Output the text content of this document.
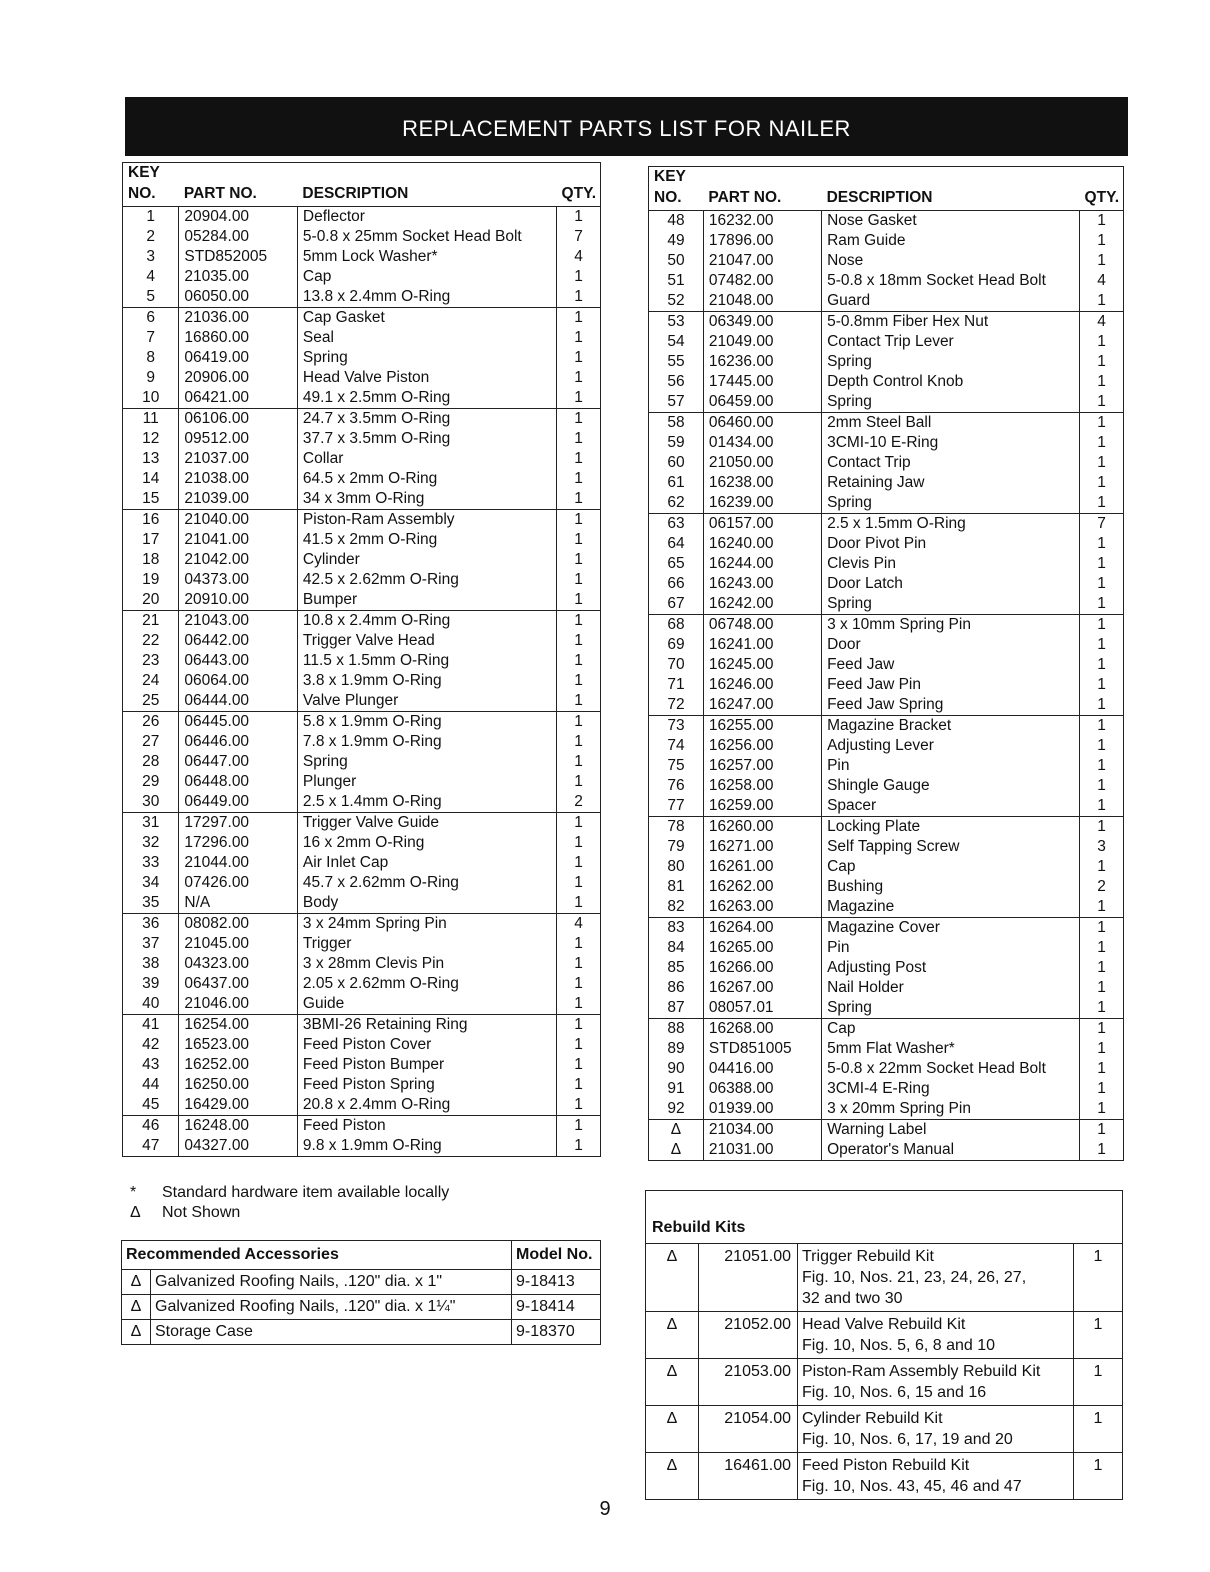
REPLACEMENT PARTS LIST FOR NAILER
KEY			
NO.	PART NO.	DESCRIPTION	QTY.
1	20904.00	Deflector	1
2	05284.00	5-0.8 x 25mm Socket Head Bolt	7
3	STD852005	5mm Lock Washer*	4
4	21035.00	Cap	1
5	06050.00	13.8 x 2.4mm O-Ring	1
6	21036.00	Cap Gasket	1
7	16860.00	Seal	1
8	06419.00	Spring	1
9	20906.00	Head Valve Piston	1
10	06421.00	49.1 x 2.5mm O-Ring	1
11	06106.00	24.7 x 3.5mm O-Ring	1
12	09512.00	37.7 x 3.5mm O-Ring	1
13	21037.00	Collar	1
14	21038.00	64.5 x 2mm O-Ring	1
15	21039.00	34 x 3mm O-Ring	1
16	21040.00	Piston-Ram Assembly	1
17	21041.00	41.5 x 2mm O-Ring	1
18	21042.00	Cylinder	1
19	04373.00	42.5 x 2.62mm O-Ring	1
20	20910.00	Bumper	1
21	21043.00	10.8 x 2.4mm O-Ring	1
22	06442.00	Trigger Valve Head	1
23	06443.00	11.5 x 1.5mm O-Ring	1
24	06064.00	3.8 x 1.9mm O-Ring	1
25	06444.00	Valve Plunger	1
26	06445.00	5.8 x 1.9mm O-Ring	1
27	06446.00	7.8 x 1.9mm O-Ring	1
28	06447.00	Spring	1
29	06448.00	Plunger	1
30	06449.00	2.5 x 1.4mm O-Ring	2
31	17297.00	Trigger Valve Guide	1
32	17296.00	16 x 2mm O-Ring	1
33	21044.00	Air Inlet Cap	1
34	07426.00	45.7 x 2.62mm O-Ring	1
35	N/A	Body	1
36	08082.00	3 x 24mm Spring Pin	4
37	21045.00	Trigger	1
38	04323.00	3 x 28mm Clevis Pin	1
39	06437.00	2.05 x 2.62mm O-Ring	1
40	21046.00	Guide	1
41	16254.00	3BMI-26 Retaining Ring	1
42	16523.00	Feed Piston Cover	1
43	16252.00	Feed Piston Bumper	1
44	16250.00	Feed Piston Spring	1
45	16429.00	20.8 x 2.4mm O-Ring	1
46	16248.00	Feed Piston	1
47	04327.00	9.8 x 1.9mm O-Ring	1
KEY			
NO.	PART NO.	DESCRIPTION	QTY.
48	16232.00	Nose Gasket	1
49	17896.00	Ram Guide	1
50	21047.00	Nose	1
51	07482.00	5-0.8 x 18mm Socket Head Bolt	4
52	21048.00	Guard	1
53	06349.00	5-0.8mm Fiber Hex Nut	4
54	21049.00	Contact Trip Lever	1
55	16236.00	Spring	1
56	17445.00	Depth Control Knob	1
57	06459.00	Spring	1
58	06460.00	2mm Steel Ball	1
59	01434.00	3CMI-10 E-Ring	1
60	21050.00	Contact Trip	1
61	16238.00	Retaining Jaw	1
62	16239.00	Spring	1
63	06157.00	2.5 x 1.5mm O-Ring	7
64	16240.00	Door Pivot Pin	1
65	16244.00	Clevis Pin	1
66	16243.00	Door Latch	1
67	16242.00	Spring	1
68	06748.00	3 x 10mm Spring Pin	1
69	16241.00	Door	1
70	16245.00	Feed Jaw	1
71	16246.00	Feed Jaw Pin	1
72	16247.00	Feed Jaw Spring	1
73	16255.00	Magazine Bracket	1
74	16256.00	Adjusting Lever	1
75	16257.00	Pin	1
76	16258.00	Shingle Gauge	1
77	16259.00	Spacer	1
78	16260.00	Locking Plate	1
79	16271.00	Self Tapping Screw	3
80	16261.00	Cap	1
81	16262.00	Bushing	2
82	16263.00	Magazine	1
83	16264.00	Magazine Cover	1
84	16265.00	Pin	1
85	16266.00	Adjusting Post	1
86	16267.00	Nail Holder	1
87	08057.01	Spring	1
88	16268.00	Cap	1
89	STD851005	5mm Flat Washer*	1
90	04416.00	5-0.8 x 22mm Socket Head Bolt	1
91	06388.00	3CMI-4 E-Ring	1
92	01939.00	3 x 20mm Spring Pin	1
Δ	21034.00	Warning Label	1
Δ	21031.00	Operator's Manual	1
* Standard hardware item available locally
Δ Not Shown
Recommended Accessories		Model No.
Δ	Galvanized Roofing Nails, .120" dia. x 1"	9-18413
Δ	Galvanized Roofing Nails, .120" dia. x 1¼"	9-18414
Δ	Storage Case	9-18370
Rebuild Kits			
Δ	21051.00	Trigger Rebuild Kit
Fig. 10, Nos. 21, 23, 24, 26, 27,
32 and two 30	1
Δ	21052.00	Head Valve Rebuild Kit
Fig. 10, Nos. 5, 6, 8 and 10	1
Δ	21053.00	Piston-Ram Assembly Rebuild Kit
Fig. 10, Nos. 6, 15 and 16	1
Δ	21054.00	Cylinder Rebuild Kit
Fig. 10, Nos. 6, 17, 19 and 20	1
Δ	16461.00	Feed Piston Rebuild Kit
Fig. 10, Nos. 43, 45, 46 and 47	1
9
